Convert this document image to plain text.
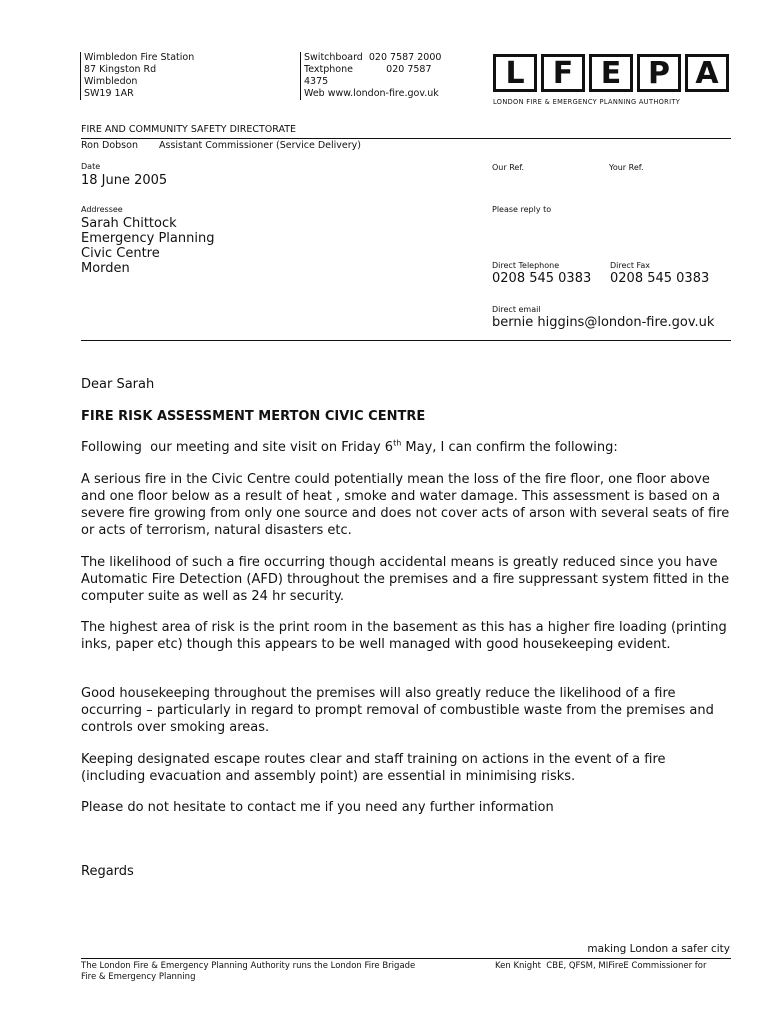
Wimbledon Fire Station
87 Kingston Rd
Wimbledon
SW19 1AR
Switchboard  020 7587 2000
Textphone           020 7587
4375
Web www.london-fire.gov.uk
L F E P A
LONDON FIRE & EMERGENCY PLANNING AUTHORITY
FIRE AND COMMUNITY SAFETY DIRECTORATE
Ron Dobson Assistant Commissioner (Service Delivery)
Date
18 June 2005
Our Ref.	Your Ref.
Addressee
Sarah Chittock
Emergency Planning
Civic Centre
Morden
Please reply to
Direct Telephone
0208 545 0383
Direct Fax
0208 545 0383
Direct email
bernie higgins@london-fire.gov.uk
Dear Sarah
FIRE RISK ASSESSMENT MERTON CIVIC CENTRE
Following  our meeting and site visit on Friday 6th May, I can confirm the following:
A serious fire in the Civic Centre could potentially mean the loss of the fire floor, one floor above and one floor below as a result of heat , smoke and water damage. This assessment is based on a severe fire growing from only one source and does not cover acts of arson with several seats of fire or acts of terrorism, natural disasters etc.
The likelihood of such a fire occurring though accidental means is greatly reduced since you have Automatic Fire Detection (AFD) throughout the premises and a fire suppressant system fitted in the computer suite as well as 24 hr security.
The highest area of risk is the print room in the basement as this has a higher fire loading (printing inks, paper etc) though this appears to be well managed with good housekeeping evident.
Good housekeeping throughout the premises will also greatly reduce the likelihood of a fire occurring – particularly in regard to prompt removal of combustible waste from the premises and controls over smoking areas.
Keeping designated escape routes clear and staff training on actions in the event of a fire (including evacuation and assembly point) are essential in minimising risks.
Please do not hesitate to contact me if you need any further information
Regards
making London a safer city
The London Fire & Emergency Planning Authority runs the London Fire Brigade
Fire & Emergency Planning
Ken Knight  CBE, QFSM, MIFireE Commissioner for
